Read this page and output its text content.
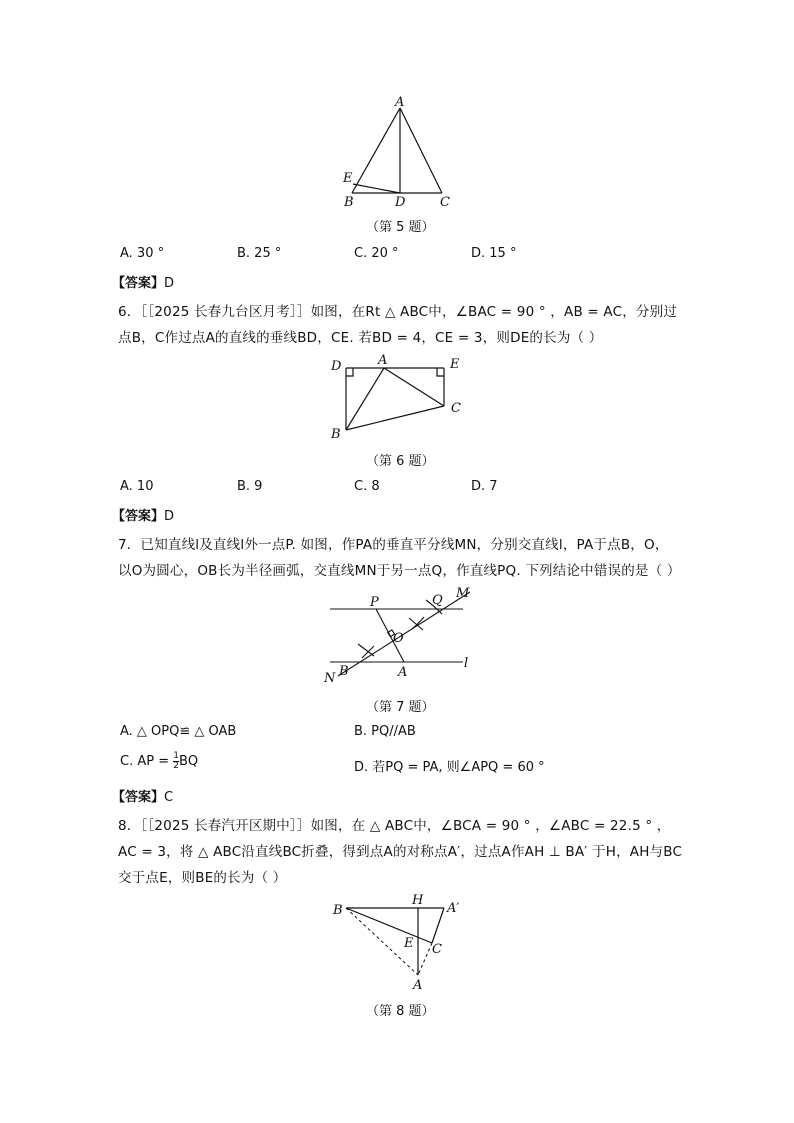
A
E
B	D	C
（第 5 题）
A. 30 °	B. 25 °	C. 20 °	D. 15 °
【答案】D
6．［［2025 长春九台区月考］］如图，在Rt △ ABC中，∠BAC = 90 ° ，AB = AC，分别过
点B，C作过点A的直线的垂线BD，CE. 若BD = 4，CE = 3，则DE的长为（ ）
D	A	E
C
B
（第 6 题）
A. 10	B. 9	C. 8	D. 7
【答案】D
7．已知直线l及直线l外一点P. 如图，作PA的垂直平分线MN，分别交直线l，PA于点B，O，
以O为圆心，OB长为半径画弧，交直线MN于另一点Q，作直线PQ. 下列结论中错误的是（ ）
P	Q M
O
N B	A
l
（第 7 题）
A. △ OPQ≌ △ OAB	B. PQ//AB
C. AP = $\frac{1}{2}$ BQ	D. 若PQ = PA, 则∠APQ = 60 °
【答案】C
8．［［2025 长春汽开区期中］］如图，在 △ ABC中，∠BCA = 90 ° ，∠ABC = 22.5 ° ，
AC = 3，将 △ ABC沿直线BC折叠，得到点A的对称点A′，过点A作AH ⊥ BA′ 于H，AH与BC
交于点E，则BE的长为（ ）
B
H
A′
E C
A
（第 8 题）
